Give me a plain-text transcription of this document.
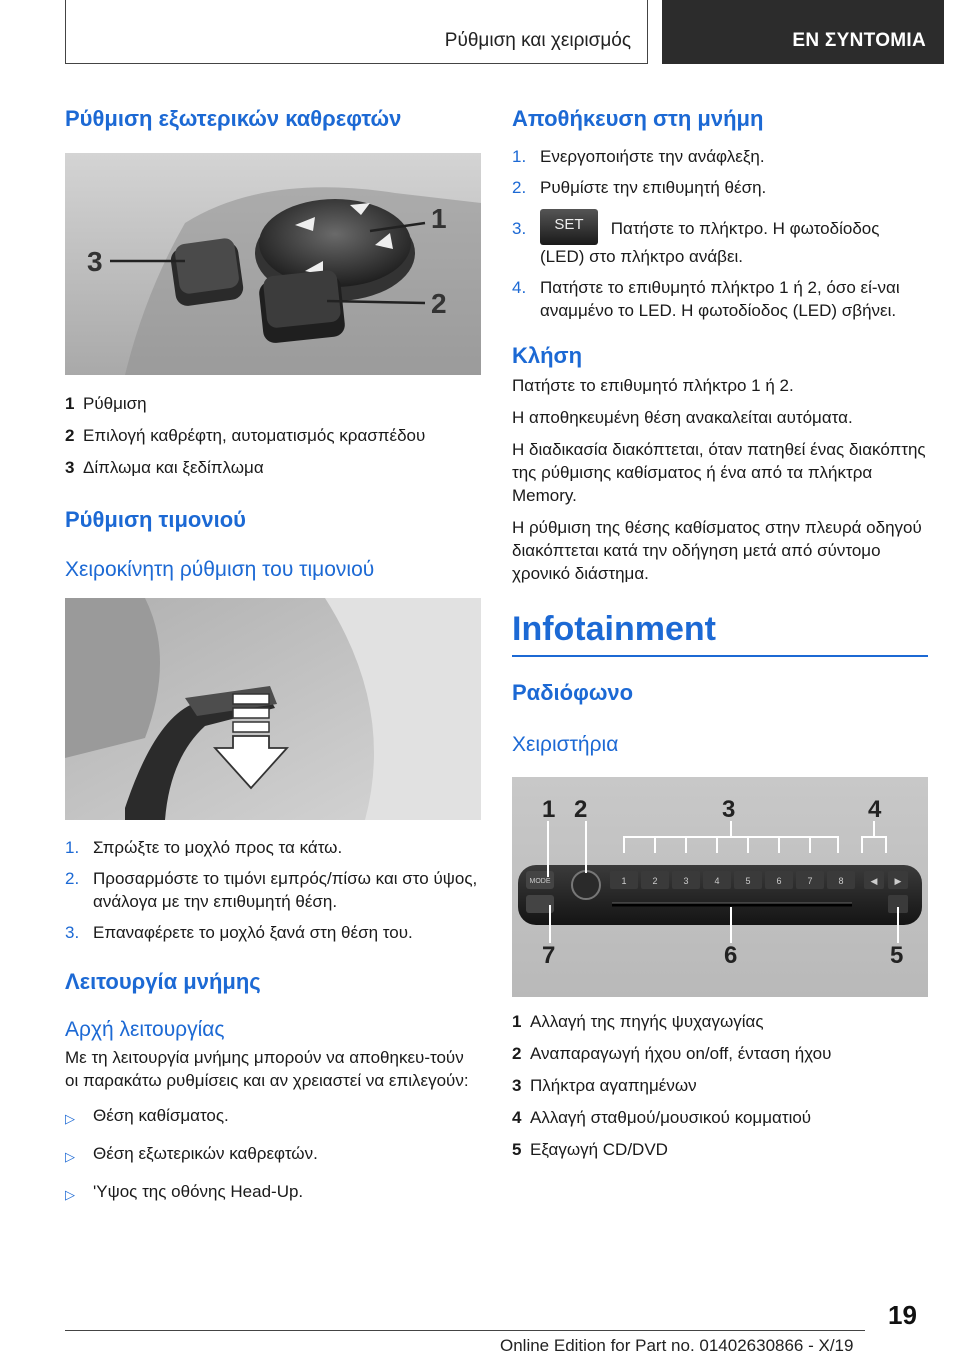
Ρύθμιση και χειρισμός	ΕΝ ΣΥΝΤΟΜΙΑ
Ρύθμιση εξωτερικών καθρεφτών
1
2
3
1 Ρύθμιση
2 Επιλογή καθρέφτη, αυτοματισμός κρασπέδου
3 Δίπλωμα και ξεδίπλωμα
Ρύθμιση τιμονιού
Χειροκίνητη ρύθμιση του τιμονιού
1. Σπρώξτε το μοχλό προς τα κάτω.
2. Προσαρμόστε το τιμόνι εμπρός/πίσω και στο ύψος, ανάλογα με την επιθυμητή θέση.
3. Επαναφέρετε το μοχλό ξανά στη θέση του.
Λειτουργία μνήμης
Αρχή λειτουργίας

Με τη λειτουργία μνήμης μπορούν να αποθηκευ-τούν οι παρακάτω ρυθμίσεις και αν χρειαστεί να επιλεγούν:

▷	Θέση καθίσματος.
▷	Θέση εξωτερικών καθρεφτών.
▷	'Υψος της οθόνης Head-Up.
Αποθήκευση στη μνήμη
1. Ενεργοποιήστε την ανάφλεξη.
2. Ρυθμίστε την επιθυμητή θέση.
3.	SET Πατήστε το πλήκτρο. Η φωτοδίοδος (LED) στο πλήκτρο ανάβει.
4. Πατήστε το επιθυμητό πλήκτρο 1 ή 2, όσο εί-ναι αναμμένο το LED. Η φωτοδίοδος (LED) σβήνει.
Κλήση

Πατήστε το επιθυμητό πλήκτρο 1 ή 2.

Η αποθηκευμένη θέση ανακαλείται αυτόματα.

Η διαδικασία διακόπτεται, όταν πατηθεί ένας διακόπτης της ρύθμισης καθίσματος ή ένα από τα πλήκτρα Memory.

Η ρύθμιση της θέσης καθίσματος στην πλευρά οδηγού διακόπτεται κατά την οδήγηση μετά από σύντομο χρονικό διάστημα.

Infotainment
Ραδιόφωνο
Χειριστήρια
MODE	1	2	3	4	5	6	7	8	◀ ▶
1 2	3	4
5
6
7
1 Αλλαγή της πηγής ψυχαγωγίας
2 Αναπαραγωγή ήχου on/off, ένταση ήχου
3 Πλήκτρα αγαπημένων
4 Αλλαγή σταθμού/μουσικού κομματιού
5 Εξαγωγή CD/DVD
19
Online Edition for Part no. 01402630866 - X/19
